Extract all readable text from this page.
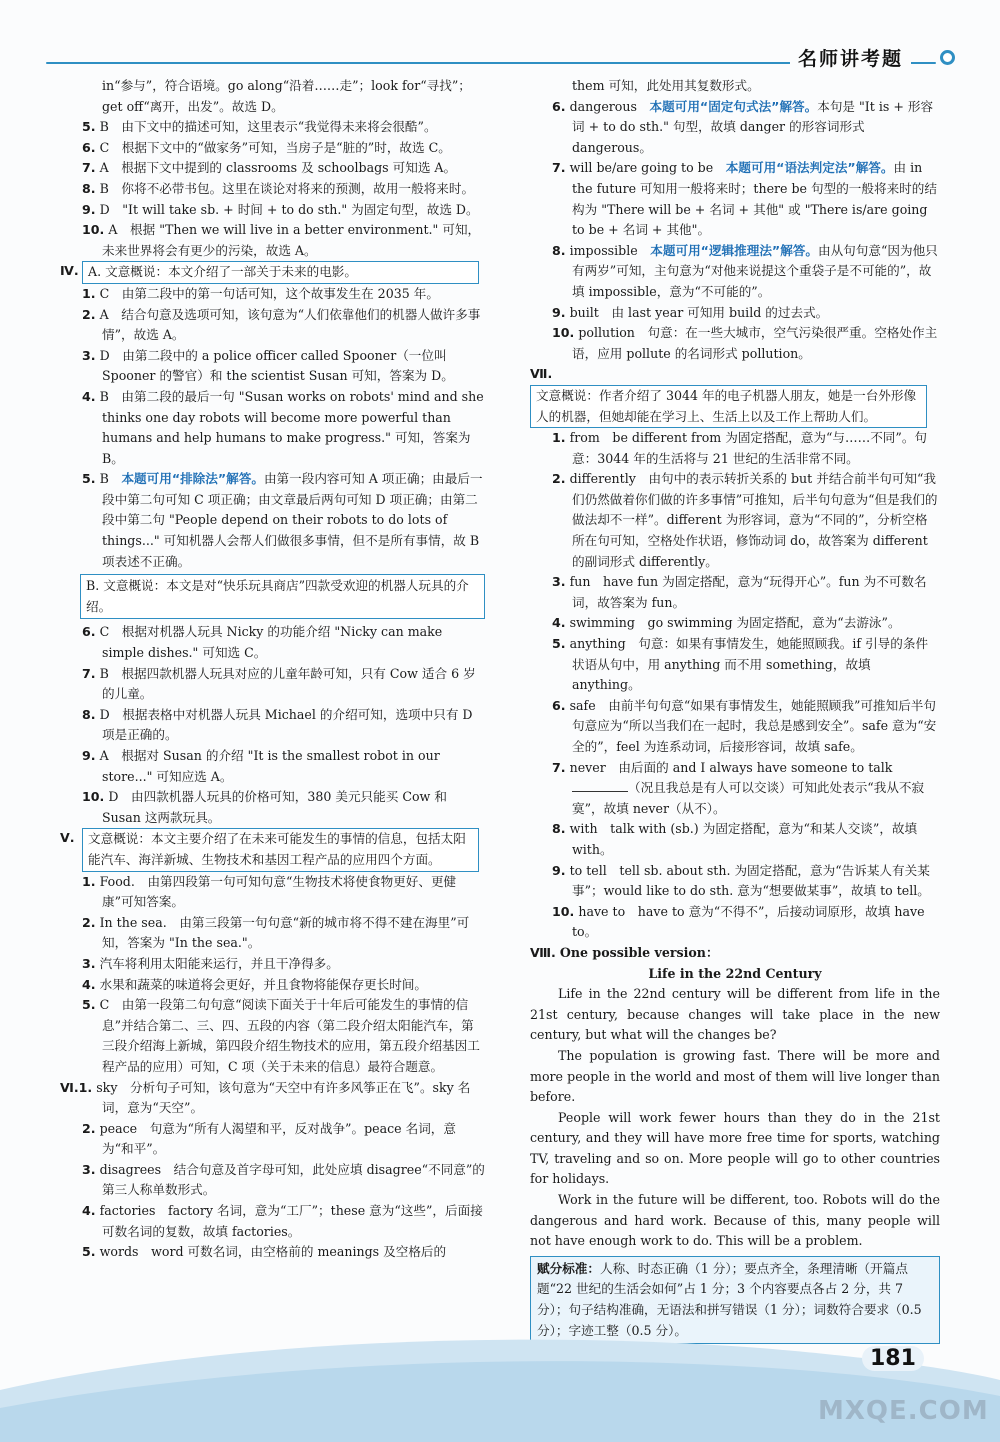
名师讲考题

in“参与”，符合语境。go along“沿着……走”；look for“寻找”；get off“离开，出发”。故选 D。

5. B　由下文中的描述可知，这里表示“我觉得未来将会很酷”。

6. C　根据下文中的“做家务”可知，当房子是“脏的”时，故选 C。

7. A　根据下文中提到的 classrooms 及 schoolbags 可知选 A。

8. B　你将不必带书包。这里在谈论对将来的预测，故用一般将来时。

9. D　"It will take sb. + 时间 + to do sth." 为固定句型，故选 D。

10. A　根据 "Then we will live in a better environment." 可知，未来世界将会有更少的污染，故选 A。

Ⅳ. A. 文意概说：本文介绍了一部关于未来的电影。

1. C　由第二段中的第一句话可知，这个故事发生在 2035 年。

2. A　结合句意及选项可知，该句意为“人们依靠他们的机器人做许多事情”，故选 A。

3. D　由第二段中的 a police officer called Spooner（一位叫 Spooner 的警官）和 the scientist Susan 可知，答案为 D。

4. B　由第二段的最后一句 "Susan works on robots' mind and she thinks one day robots will become more powerful than humans and help humans to make progress." 可知，答案为 B。

5. B　本题可用“排除法”解答。由第一段内容可知 A 项正确；由最后一段中第二句可知 C 项正确；由文章最后两句可知 D 项正确；由第二段中第二句 "People depend on their robots to do lots of things..." 可知机器人会帮人们做很多事情，但不是所有事情，故 B 项表述不正确。

B. 文意概说：本文是对“快乐玩具商店”四款受欢迎的机器人玩具的介绍。

6. C　根据对机器人玩具 Nicky 的功能介绍 "Nicky can make simple dishes." 可知选 C。

7. B　根据四款机器人玩具对应的儿童年龄可知，只有 Cow 适合 6 岁的儿童。

8. D　根据表格中对机器人玩具 Michael 的介绍可知，选项中只有 D 项是正确的。

9. A　根据对 Susan 的介绍 "It is the smallest robot in our store..." 可知应选 A。

10. D　由四款机器人玩具的价格可知，380 美元只能买 Cow 和 Susan 这两款玩具。

Ⅴ. 文意概说：本文主要介绍了在未来可能发生的事情的信息，包括太阳能汽车、海洋新城、生物技术和基因工程产品的应用四个方面。

1. Food.　由第四段第一句可知句意“生物技术将使食物更好、更健康”可知答案。

2. In the sea.　由第三段第一句句意“新的城市将不得不建在海里”可知，答案为 "In the sea."。

3. 汽车将利用太阳能来运行，并且干净得多。

4. 水果和蔬菜的味道将会更好，并且食物将能保存更长时间。

5. C　由第一段第二句句意“阅读下面关于十年后可能发生的事情的信息”并结合第二、三、四、五段的内容（第二段介绍太阳能汽车，第三段介绍海上新城，第四段介绍生物技术的应用，第五段介绍基因工程产品的应用）可知，C 项（关于未来的信息）最符合题意。

Ⅵ.1. sky　分析句子可知，该句意为“天空中有许多风筝正在飞”。sky 名词，意为“天空”。

2. peace　句意为“所有人渴望和平，反对战争”。peace 名词，意为“和平”。

3. disagrees　结合句意及首字母可知，此处应填 disagree“不同意”的第三人称单数形式。

4. factories　factory 名词，意为“工厂”；these 意为“这些”，后面接可数名词的复数，故填 factories。

5. words　word 可数名词，由空格前的 meanings 及空格后的

them 可知，此处用其复数形式。

6. dangerous　本题可用“固定句式法”解答。本句是 "It is + 形容词 + to do sth." 句型，故填 danger 的形容词形式 dangerous。

7. will be/are going to be　本题可用“语法判定法”解答。由 in the future 可知用一般将来时；there be 句型的一般将来时的结构为 "There will be + 名词 + 其他" 或 "There is/are going to be + 名词 + 其他"。

8. impossible　本题可用“逻辑推理法”解答。由从句句意“因为他只有两岁”可知，主句意为“对他来说提这个重袋子是不可能的”，故填 impossible，意为“不可能的”。

9. built　由 last year 可知用 build 的过去式。

10. pollution　句意：在一些大城市，空气污染很严重。空格处作主语，应用 pollute 的名词形式 pollution。

Ⅶ.文意概说：作者介绍了 3044 年的电子机器人朋友，她是一台外形像人的机器，但她却能在学习上、生活上以及工作上帮助人们。

1. from　be different from 为固定搭配，意为“与……不同”。句意：3044 年的生活将与 21 世纪的生活非常不同。

2. differently　由句中的表示转折关系的 but 并结合前半句可知“我们仍然做着你们做的许多事情”可推知，后半句句意为“但是我们的做法却不一样”。different 为形容词，意为“不同的”，分析空格所在句可知，空格处作状语，修饰动词 do，故答案为 different 的副词形式 differently。

3. fun　have fun 为固定搭配，意为“玩得开心”。fun 为不可数名词，故答案为 fun。

4. swimming　go swimming 为固定搭配，意为“去游泳”。

5. anything　句意：如果有事情发生，她能照顾我。if 引导的条件状语从句中，用 anything 而不用 something，故填 anything。

6. safe　由前半句句意“如果有事情发生，她能照顾我”可推知后半句句意应为“所以当我们在一起时，我总是感到安全”。safe 意为“安全的”，feel 为连系动词，后接形容词，故填 safe。

7. never　由后面的 and I always have someone to talk（况且我总是有人可以交谈）可知此处表示“我从不寂寞”，故填 never（从不）。

8. with　talk with (sb.) 为固定搭配，意为“和某人交谈”，故填 with。

9. to tell　tell sb. about sth. 为固定搭配，意为“告诉某人有关某事”；would like to do sth. 意为“想要做某事”，故填 to tell。

10. have to　have to 意为“不得不”，后接动词原形，故填 have to。

Ⅷ. One possible version：

Life in the 22nd Century

Life in the 22nd century will be different from life in the 21st century, because changes will take place in the new century, but what will the changes be?

The population is growing fast. There will be more and more people in the world and most of them will live longer than before.

People will work fewer hours than they do in the 21st century, and they will have more free time for sports, watching TV, traveling and so on. More people will go to other countries for holidays.

Work in the future will be different, too. Robots will do the dangerous and hard work. Because of this, many people will not have enough work to do. This will be a problem.

赋分标准：人称、时态正确（1 分）；要点齐全，条理清晰（开篇点题“22 世纪的生活会如何”占 1 分；3 个内容要点各占 2 分，共 7 分）；句子结构准确，无语法和拼写错误（1 分）；词数符合要求（0.5 分）；字迹工整（0.5 分）。
181
MXQE.COM
